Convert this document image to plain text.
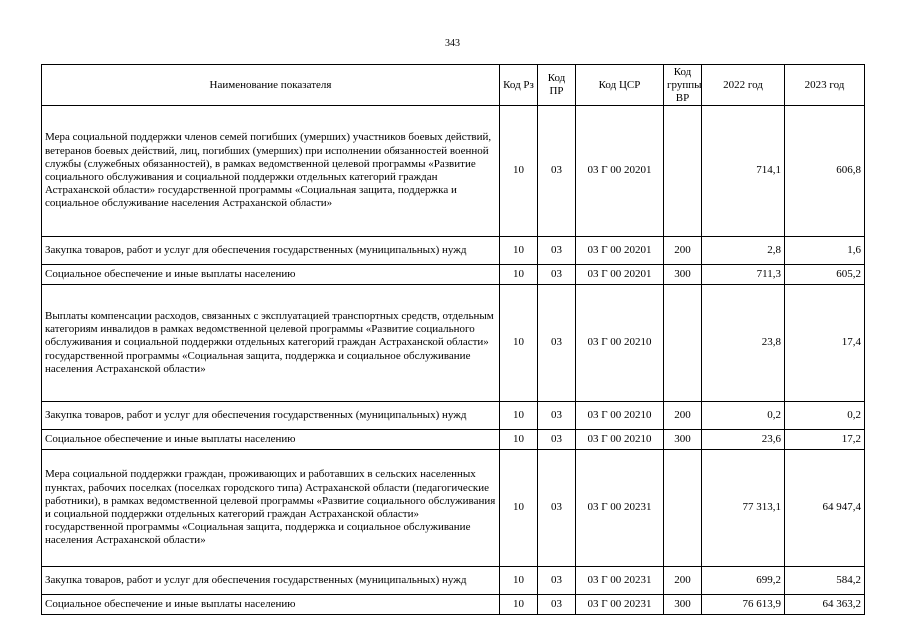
343
Наименование показателя	Код Рз	Код ПР	Код ЦСР	Код группы ВР	2022 год	2023 год
Мера социальной поддержки членов семей погибших (умерших) участников боевых действий, ветеранов боевых действий, лиц, погибших (умерших) при исполнении обязанностей военной службы (служебных обязанностей), в рамках ведомственной целевой программы «Развитие социального обслуживания и социальной поддержки отдельных категорий граждан Астраханской области» государственной программы «Социальная защита, поддержка и социальное обслуживание населения Астраханской области»	10	03	03 Г 00 20201		714,1	606,8
Закупка товаров, работ и услуг для обеспечения государственных (муниципальных) нужд	10	03	03 Г 00 20201	200	2,8	1,6
Социальное обеспечение и иные выплаты населению	10	03	03 Г 00 20201	300	711,3	605,2
Выплаты компенсации расходов, связанных с эксплуатацией транспортных средств, отдельным категориям инвалидов в рамках ведомственной целевой программы «Развитие социального обслуживания и социальной поддержки отдельных категорий граждан Астраханской области» государственной программы «Социальная защита, поддержка и социальное обслуживание населения Астраханской области»	10	03	03 Г 00 20210		23,8	17,4
Закупка товаров, работ и услуг для обеспечения государственных (муниципальных) нужд	10	03	03 Г 00 20210	200	0,2	0,2
Социальное обеспечение и иные выплаты населению	10	03	03 Г 00 20210	300	23,6	17,2
Мера социальной поддержки граждан, проживающих и работавших в сельских населенных пунктах, рабочих поселках (поселках городского типа) Астраханской области (педагогические работники), в рамках ведомственной целевой программы «Развитие социального обслуживания и социальной поддержки отдельных категорий граждан Астраханской области» государственной программы «Социальная защита, поддержка и социальное обслуживание населения Астраханской области»	10	03	03 Г 00 20231		77 313,1	64 947,4
Закупка товаров, работ и услуг для обеспечения государственных (муниципальных) нужд	10	03	03 Г 00 20231	200	699,2	584,2
Социальное обеспечение и иные выплаты населению	10	03	03 Г 00 20231	300	76 613,9	64 363,2
